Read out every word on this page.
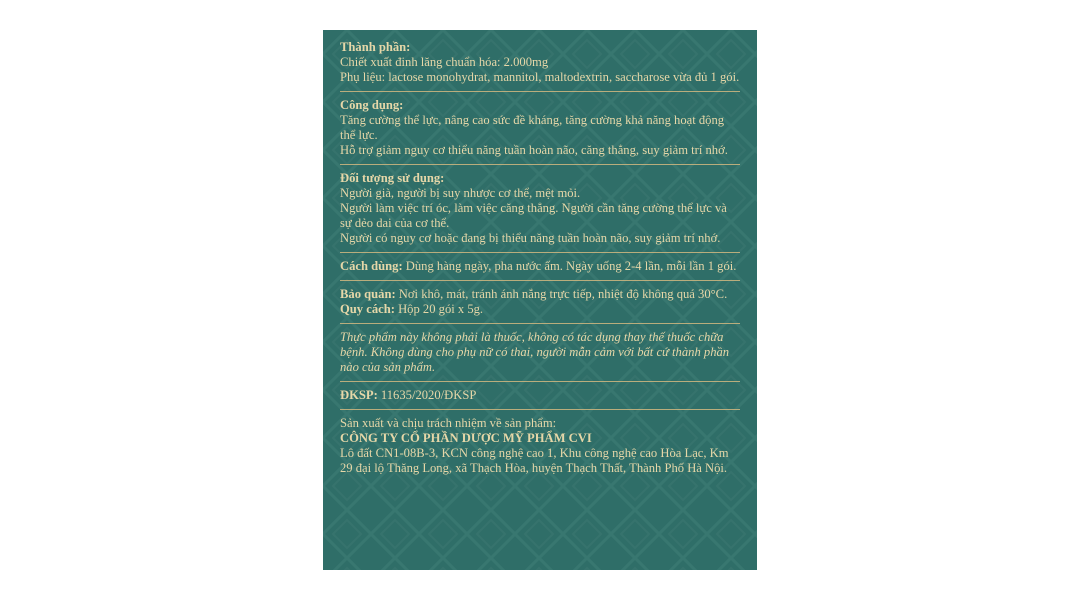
Thành phần:
Chiết xuất đinh lăng chuẩn hóa: 2.000mg
Phụ liệu: lactose monohydrat, mannitol, maltodextrin, saccharose vừa đủ 1 gói.
Công dụng:
Tăng cường thể lực, nâng cao sức đề kháng, tăng cường khả năng hoạt động thể lực.
Hỗ trợ giảm nguy cơ thiểu năng tuần hoàn não, căng thẳng, suy giảm trí nhớ.
Đối tượng sử dụng:
Người già, người bị suy nhược cơ thể, mệt mỏi.
Người làm việc trí óc, làm việc căng thẳng. Người cần tăng cường thể lực và sự dẻo dai của cơ thể.
Người có nguy cơ hoặc đang bị thiểu năng tuần hoàn não, suy giảm trí nhớ.
Cách dùng: Dùng hàng ngày, pha nước ấm. Ngày uống 2-4 lần, mỗi lần 1 gói.
Bảo quản: Nơi khô, mát, tránh ánh nắng trực tiếp, nhiệt độ không quá 30°C.
Quy cách: Hộp 20 gói x 5g.
Thực phẩm này không phải là thuốc, không có tác dụng thay thế thuốc chữa bệnh. Không dùng cho phụ nữ có thai, người mẫn cảm với bất cứ thành phần nào của sản phẩm.
ĐKSP: 11635/2020/ĐKSP
Sản xuất và chịu trách nhiệm về sản phẩm:
CÔNG TY CỔ PHẦN DƯỢC MỸ PHẨM CVI
Lô đất CN1-08B-3, KCN công nghệ cao 1, Khu công nghệ cao Hòa Lạc, Km 29 đại lộ Thăng Long, xã Thạch Hòa, huyện Thạch Thất, Thành Phố Hà Nội.
